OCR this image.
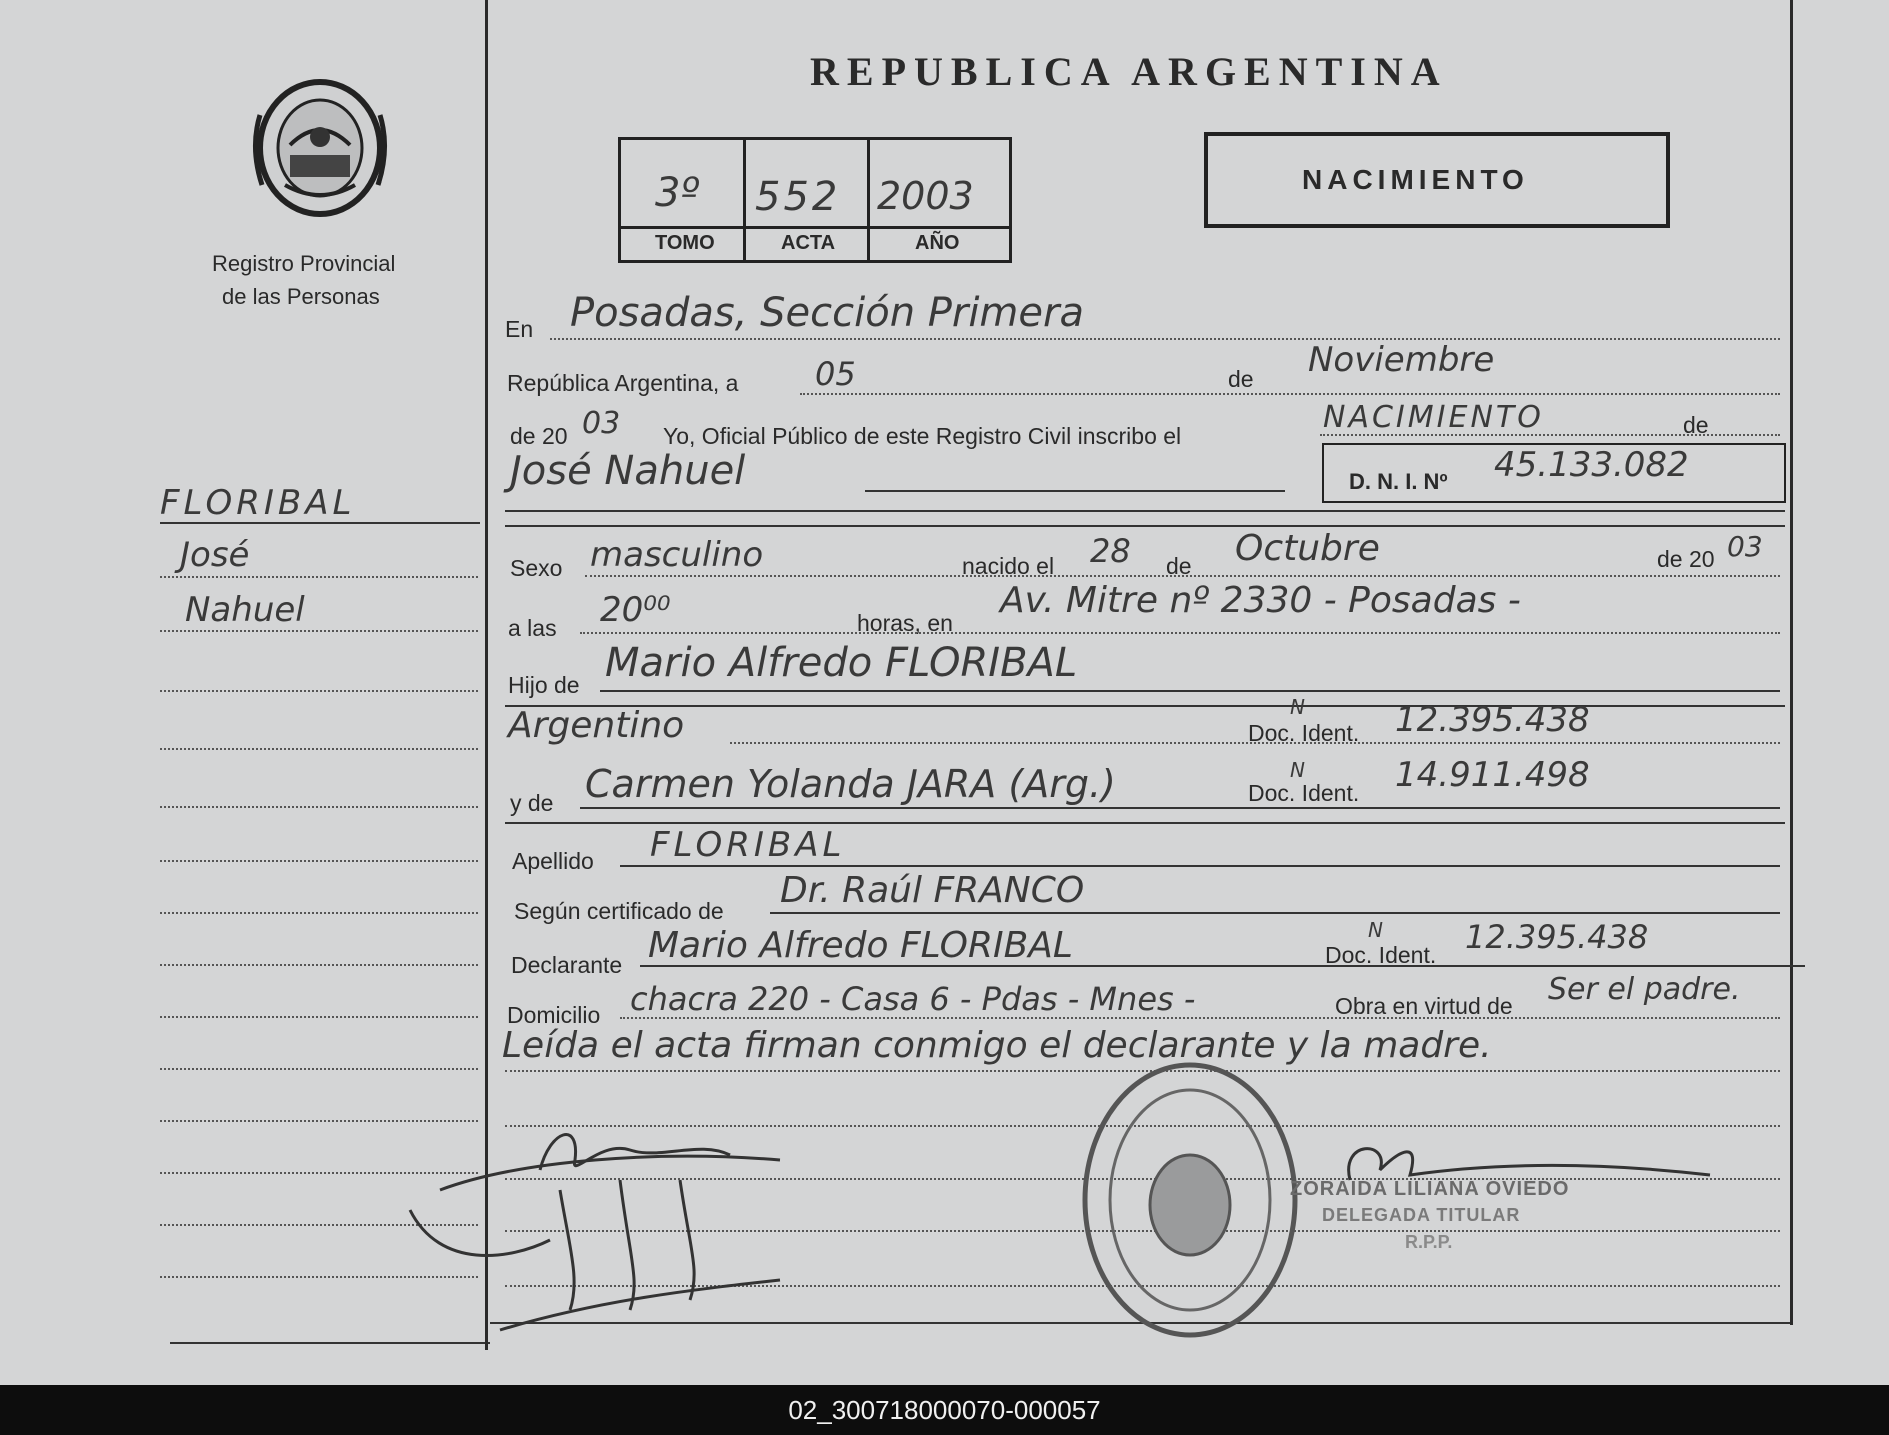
Registro Provincial
de las Personas
FLORIBAL
José
Nahuel
REPUBLICA ARGENTINA
3º 552 2003
TOMO	ACTA	AÑO
NACIMIENTO
En Posadas, Sección Primera
República Argentina, a 05	de Noviembre
de 20 03 Yo, Oficial Público de este Registro Civil inscribo el
NACIMIENTO	de
José Nahuel	D. N. I. Nº 45.133.082
Sexo masculino	nacido el 28 de Octubre	de 20 03
a las 20⁰⁰	horas, en
Av. Mitre nº 2330 - Posadas -
Hijo de Mario Alfredo FLORIBAL
Argentino	Doc. Ident.
N	12.395.438
y de Carmen Yolanda JARA (Arg.)	Doc. Ident.
N	14.911.498
Apellido FLORIBAL
Según certificado de Dr. Raúl FRANCO
Declarante Mario Alfredo FLORIBAL	Doc. Ident.
N	12.395.438
Domicilio chacra 220 - Casa 6 - Pdas - Mnes -	Obra en virtud de Ser el padre.
Leída el acta firman conmigo el declarante y la madre.
ZORAIDA LILIANA OVIEDO
DELEGADA TITULAR
R.P.P.
02_300718000070-000057
